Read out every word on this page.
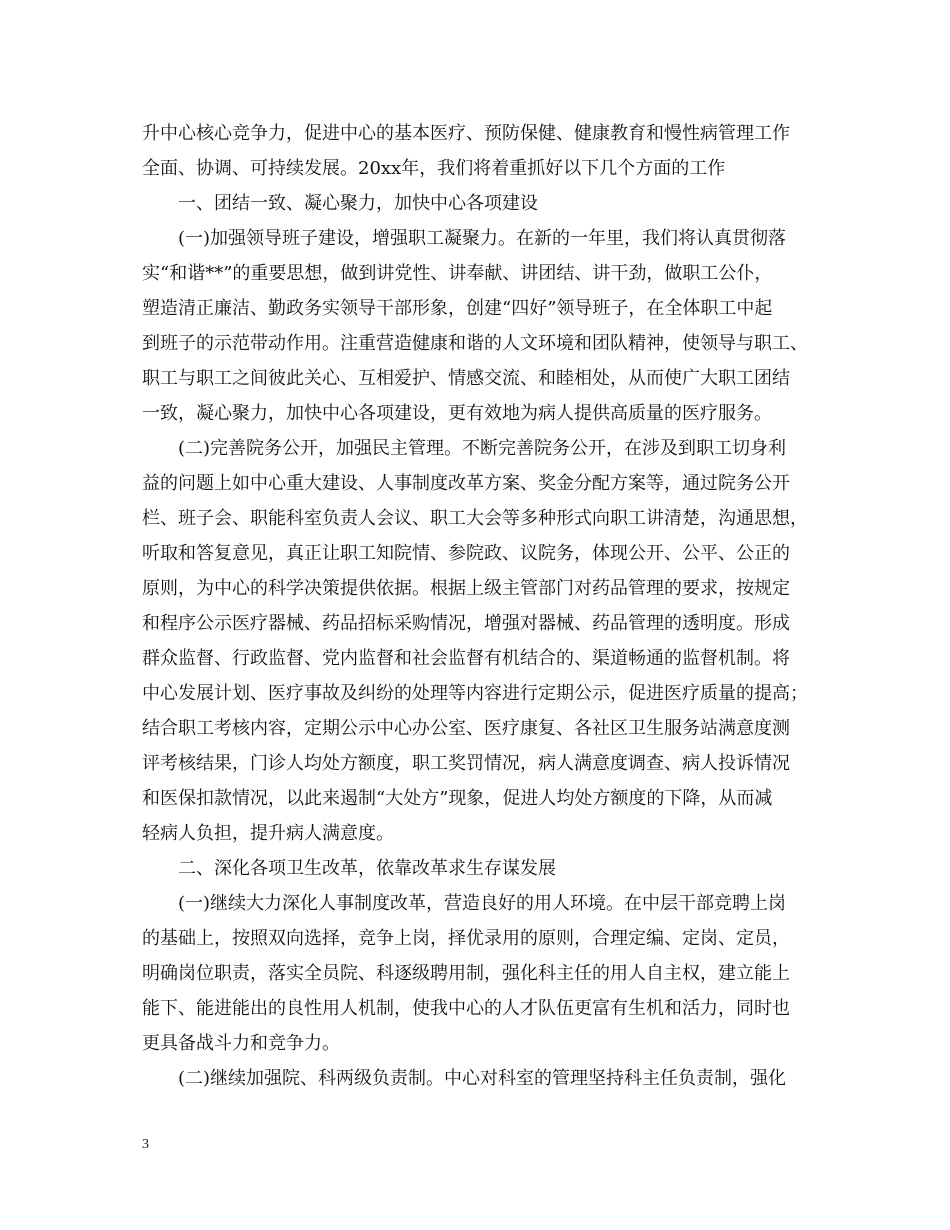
升中心核心竞争力，促进中心的基本医疗、预防保健、健康教育和慢性病管理工作
全面、协调、可持续发展。20xx年，我们将着重抓好以下几个方面的工作
一、团结一致、凝心聚力，加快中心各项建设
(一)加强领导班子建设，增强职工凝聚力。在新的一年里，我们将认真贯彻落
实“和谐**”的重要思想，做到讲党性、讲奉献、讲团结、讲干劲，做职工公仆，
塑造清正廉洁、勤政务实领导干部形象，创建“四好”领导班子，在全体职工中起
到班子的示范带动作用。注重营造健康和谐的人文环境和团队精神，使领导与职工、
职工与职工之间彼此关心、互相爱护、情感交流、和睦相处，从而使广大职工团结
一致，凝心聚力，加快中心各项建设，更有效地为病人提供高质量的医疗服务。
(二)完善院务公开，加强民主管理。不断完善院务公开，在涉及到职工切身利
益的问题上如中心重大建设、人事制度改革方案、奖金分配方案等，通过院务公开
栏、班子会、职能科室负责人会议、职工大会等多种形式向职工讲清楚，沟通思想，
听取和答复意见，真正让职工知院情、参院政、议院务，体现公开、公平、公正的
原则，为中心的科学决策提供依据。根据上级主管部门对药品管理的要求，按规定
和程序公示医疗器械、药品招标采购情况，增强对器械、药品管理的透明度。形成
群众监督、行政监督、党内监督和社会监督有机结合的、渠道畅通的监督机制。将
中心发展计划、医疗事故及纠纷的处理等内容进行定期公示，促进医疗质量的提高；
结合职工考核内容，定期公示中心办公室、医疗康复、各社区卫生服务站满意度测
评考核结果，门诊人均处方额度，职工奖罚情况，病人满意度调查、病人投诉情况
和医保扣款情况，以此来遏制“大处方”现象，促进人均处方额度的下降，从而减
轻病人负担，提升病人满意度。
二、深化各项卫生改革，依靠改革求生存谋发展
(一)继续大力深化人事制度改革，营造良好的用人环境。在中层干部竞聘上岗
的基础上，按照双向选择，竞争上岗，择优录用的原则，合理定编、定岗、定员，
明确岗位职责，落实全员院、科逐级聘用制，强化科主任的用人自主权，建立能上
能下、能进能出的良性用人机制，使我中心的人才队伍更富有生机和活力，同时也
更具备战斗力和竞争力。
(二)继续加强院、科两级负责制。中心对科室的管理坚持科主任负责制，强化
3
